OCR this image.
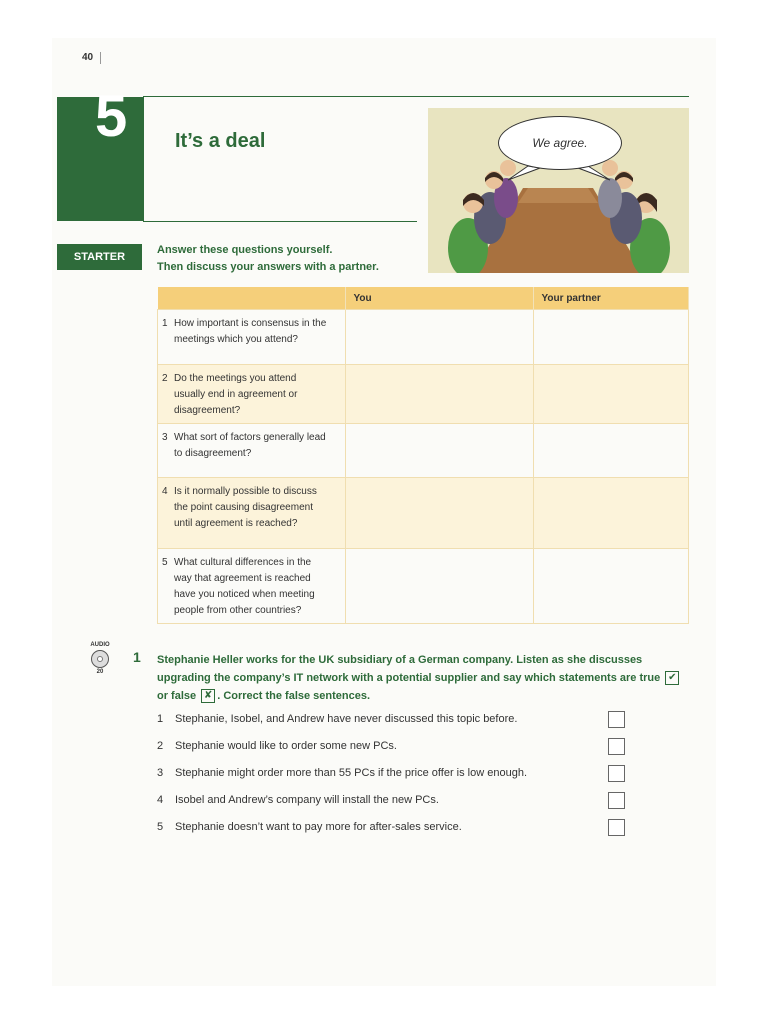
40
5 It’s a deal	We agree.
STARTER
Answer these questions yourself.
Then discuss your answers with a partner.
	You	Your partner
1 How important is consensus in the meetings which you attend?		
2 Do the meetings you attend usually end in agreement or disagreement?		
3 What sort of factors generally lead to disagreement?		
4 Is it normally possible to discuss the point causing disagreement until agreement is reached?		
5 What cultural differences in the way that agreement is reached have you noticed when meeting people from other countries?		
AUDIO
20
1 Stephanie Heller works for the UK subsidiary of a German company. Listen as she discusses upgrading the company’s IT network with a potential supplier and say which statements are true ✔ or false ✘ . Correct the false sentences.
1 Stephanie, Isobel, and Andrew have never discussed this topic before.
2 Stephanie would like to order some new PCs.
3 Stephanie might order more than 55 PCs if the price offer is low enough.
4 Isobel and Andrew’s company will install the new PCs.
5 Stephanie doesn’t want to pay more for after-sales service.
